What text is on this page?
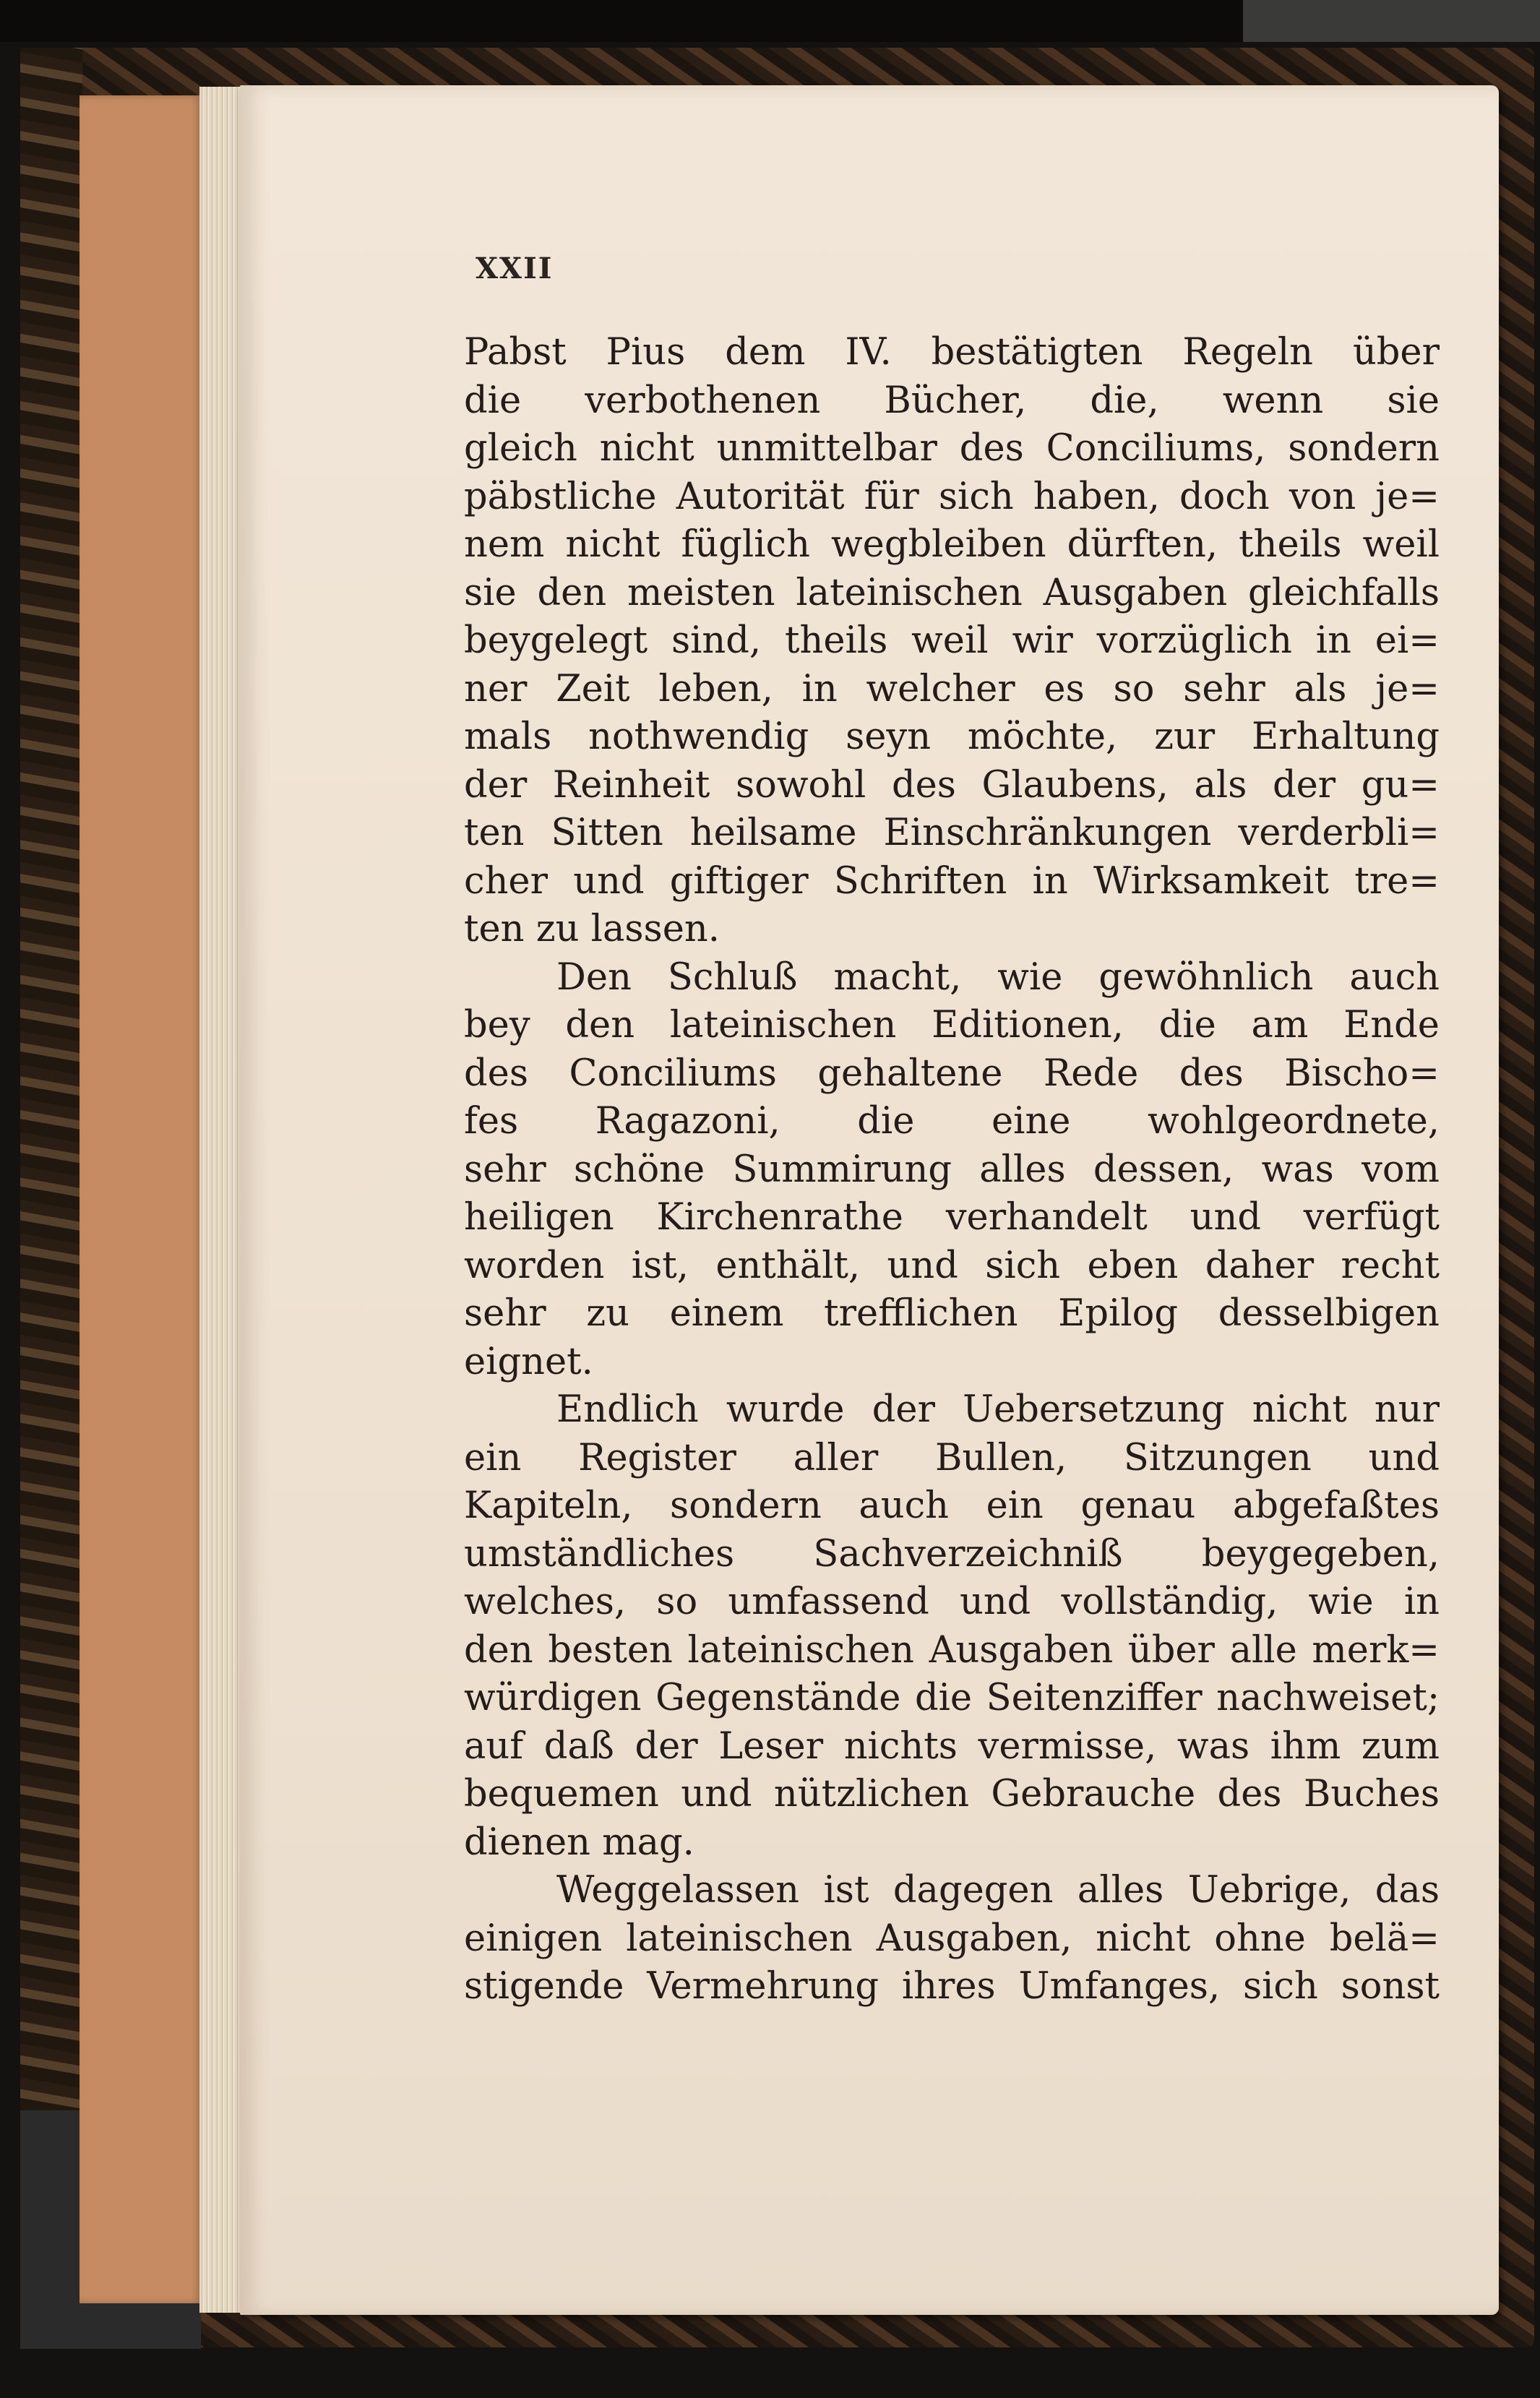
XXII
Pabst Pius dem IV. bestätigten Regeln über
die verbothenen Bücher, die, wenn sie
gleich nicht unmittelbar des Conciliums, sondern
päbstliche Autorität für sich haben, doch von je=
nem nicht füglich wegbleiben dürften, theils weil
sie den meisten lateinischen Ausgaben gleichfalls
beygelegt sind, theils weil wir vorzüglich in ei=
ner Zeit leben, in welcher es so sehr als je=
mals nothwendig seyn möchte, zur Erhaltung
der Reinheit sowohl des Glaubens, als der gu=
ten Sitten heilsame Einschränkungen verderbli=
cher und giftiger Schriften in Wirksamkeit tre=
ten zu lassen.
Den Schluß macht, wie gewöhnlich auch
bey den lateinischen Editionen, die am Ende
des Conciliums gehaltene Rede des Bischo=
fes Ragazoni, die eine wohlgeordnete,
sehr schöne Summirung alles dessen, was vom
heiligen Kirchenrathe verhandelt und verfügt
worden ist, enthält, und sich eben daher recht
sehr zu einem trefflichen Epilog desselbigen
eignet.
Endlich wurde der Uebersetzung nicht nur
ein Register aller Bullen, Sitzungen und
Kapiteln, sondern auch ein genau abgefaßtes
umständliches Sachverzeichniß beygegeben,
welches, so umfassend und vollständig, wie in
den besten lateinischen Ausgaben über alle merk=
würdigen Gegenstände die Seitenziffer nachweiset;
auf daß der Leser nichts vermisse, was ihm zum
bequemen und nützlichen Gebrauche des Buches
dienen mag.
Weggelassen ist dagegen alles Uebrige, das
einigen lateinischen Ausgaben, nicht ohne belä=
stigende Vermehrung ihres Umfanges, sich sonst
